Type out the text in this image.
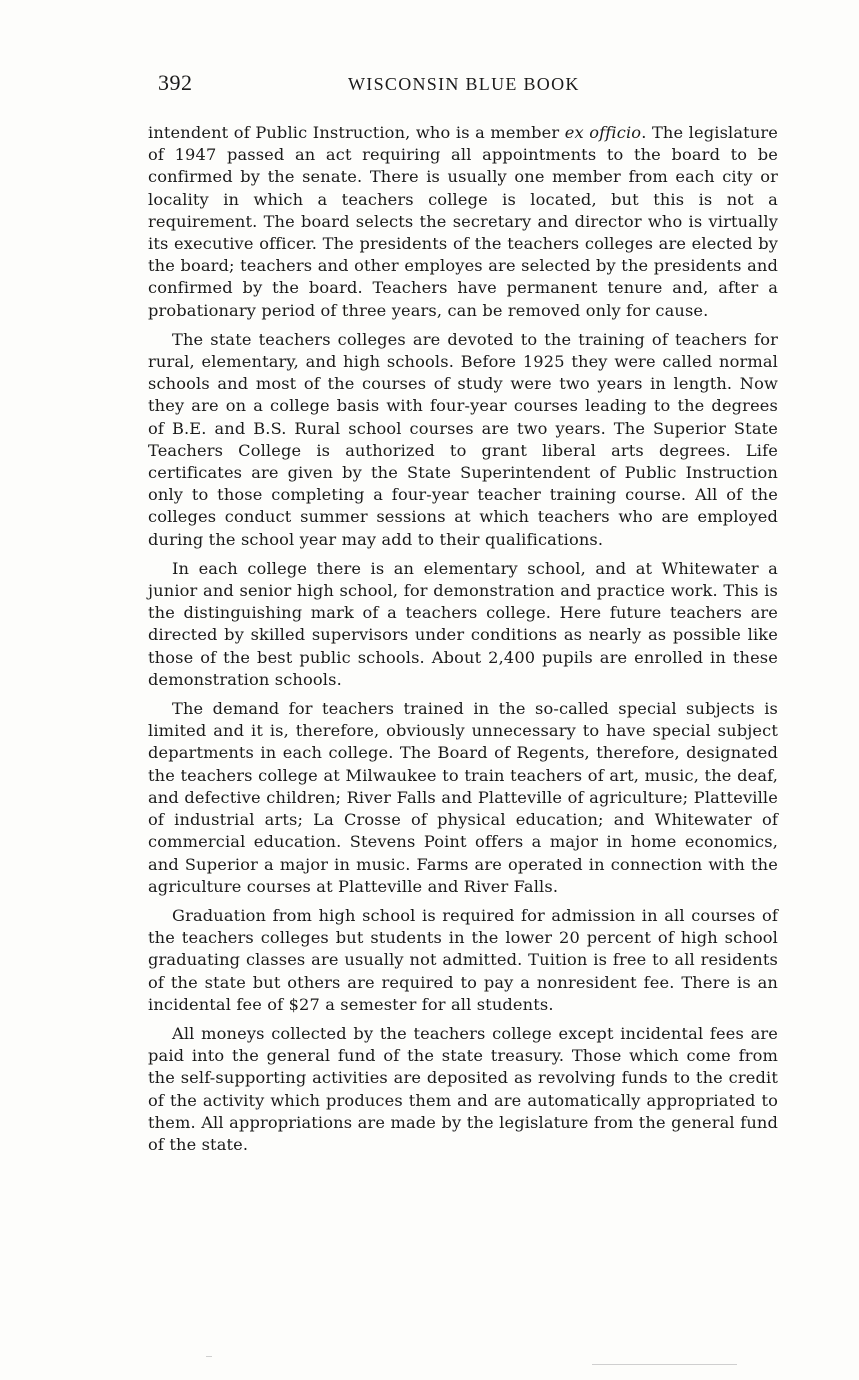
392	WISCONSIN BLUE BOOK

intendent of Public Instruction, who is a member ex officio. The legislature of 1947 passed an act requiring all appointments to the board to be confirmed by the senate. There is usually one member from each city or locality in which a teachers college is located, but this is not a requirement. The board selects the secretary and director who is virtually its executive officer. The presidents of the teachers colleges are elected by the board; teachers and other employes are selected by the presidents and confirmed by the board. Teachers have permanent tenure and, after a probationary period of three years, can be removed only for cause.

The state teachers colleges are devoted to the training of teachers for rural, elementary, and high schools. Before 1925 they were called normal schools and most of the courses of study were two years in length. Now they are on a college basis with four-year courses leading to the degrees of B.E. and B.S. Rural school courses are two years. The Superior State Teachers College is authorized to grant liberal arts degrees. Life certificates are given by the State Superintendent of Public Instruction only to those completing a four-year teacher training course. All of the colleges conduct summer sessions at which teachers who are employed during the school year may add to their qualifications.

In each college there is an elementary school, and at Whitewater a junior and senior high school, for demonstration and practice work. This is the distinguishing mark of a teachers college. Here future teachers are directed by skilled supervisors under conditions as nearly as possible like those of the best public schools. About 2,400 pupils are enrolled in these demonstration schools.

The demand for teachers trained in the so-called special subjects is limited and it is, therefore, obviously unnecessary to have special subject departments in each college. The Board of Regents, therefore, designated the teachers college at Milwaukee to train teachers of art, music, the deaf, and defective children; River Falls and Platteville of agriculture; Platteville of industrial arts; La Crosse of physical education; and Whitewater of commercial education. Stevens Point offers a major in home economics, and Superior a major in music. Farms are operated in connection with the agriculture courses at Platteville and River Falls.

Graduation from high school is required for admission in all courses of the teachers colleges but students in the lower 20 percent of high school graduating classes are usually not admitted. Tuition is free to all residents of the state but others are required to pay a nonresident fee. There is an incidental fee of $27 a semester for all students.

All moneys collected by the teachers college except incidental fees are paid into the general fund of the state treasury. Those which come from the self-supporting activities are deposited as revolving funds to the credit of the activity which produces them and are automatically appropriated to them. All appropriations are made by the legislature from the general fund of the state.
